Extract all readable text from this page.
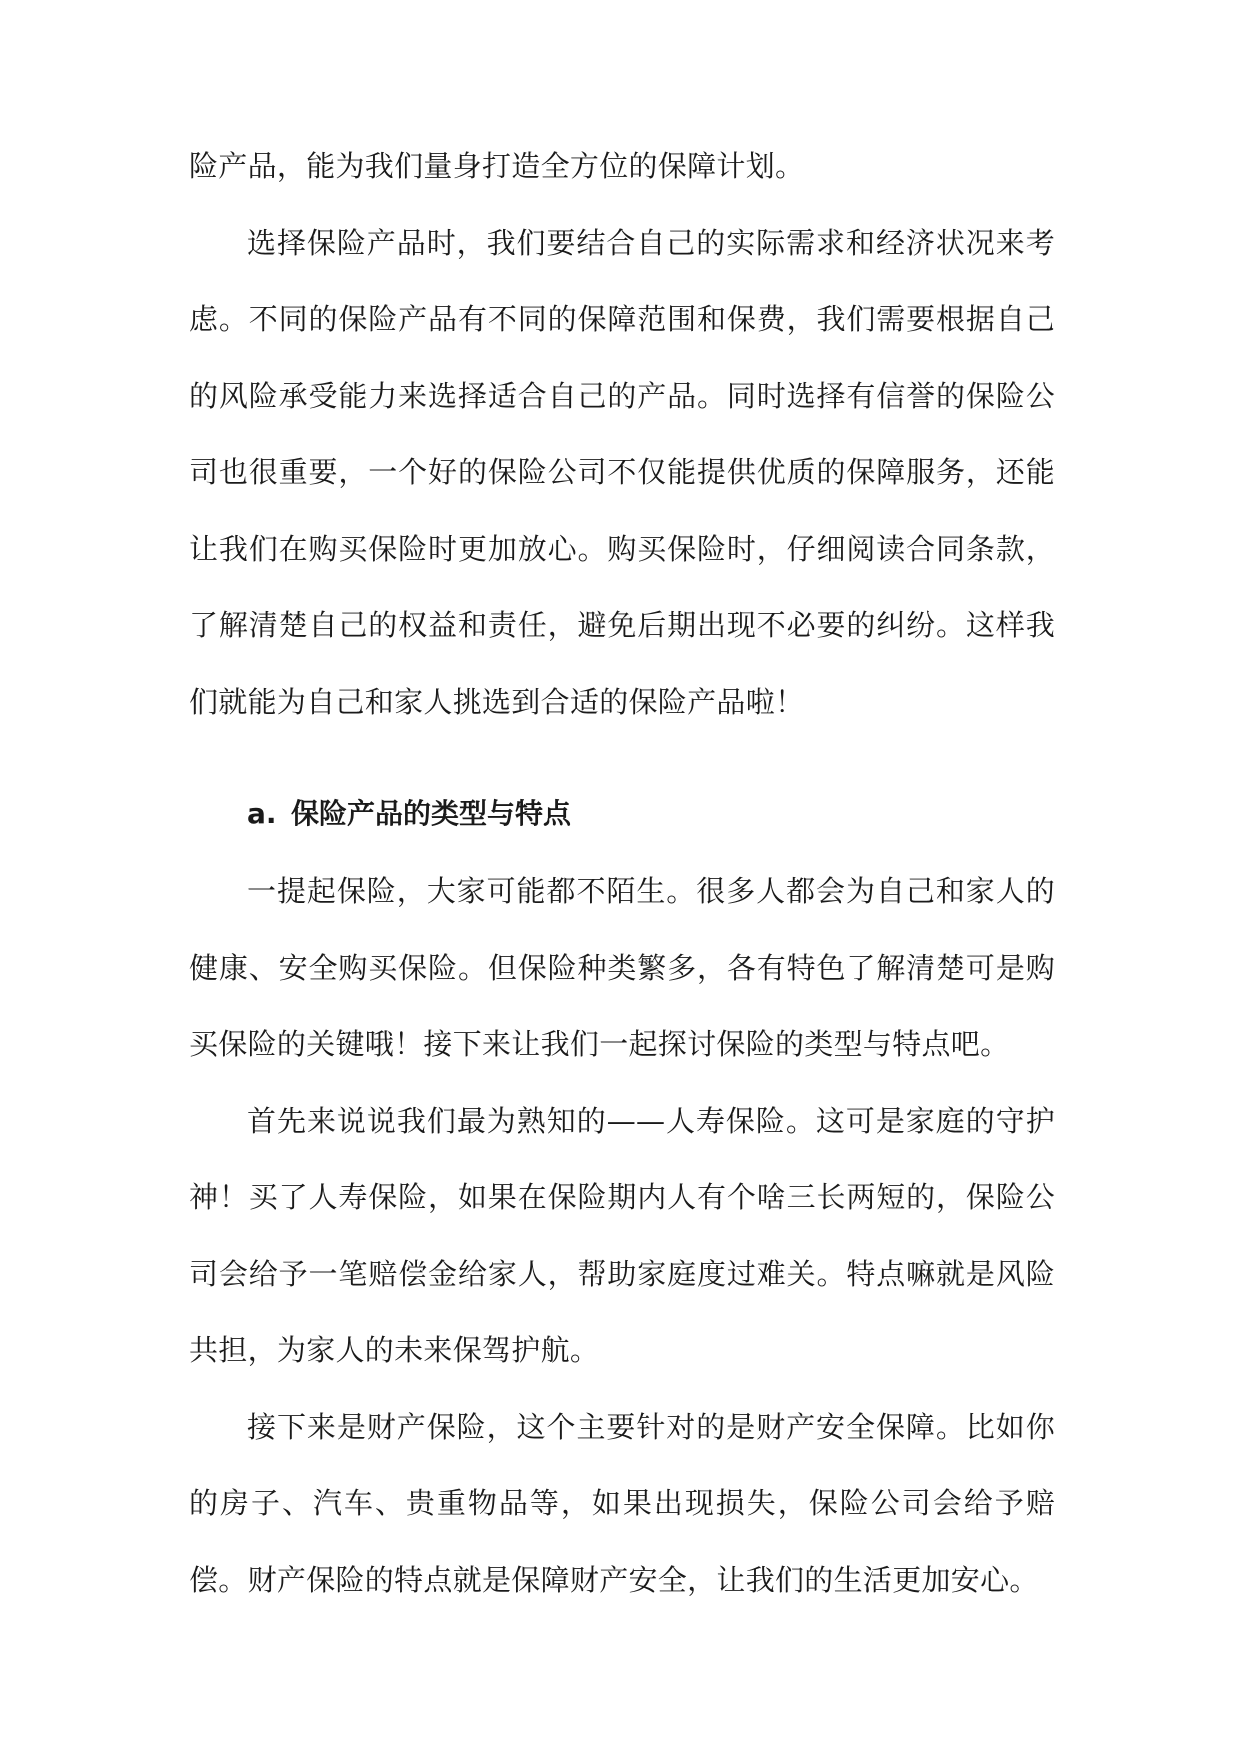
险产品，能为我们量身打造全方位的保障计划。

选择保险产品时，我们要结合自己的实际需求和经济状况来考虑。不同的保险产品有不同的保障范围和保费，我们需要根据自己的风险承受能力来选择适合自己的产品。同时选择有信誉的保险公司也很重要，一个好的保险公司不仅能提供优质的保障服务，还能让我们在购买保险时更加放心。购买保险时，仔细阅读合同条款，了解清楚自己的权益和责任，避免后期出现不必要的纠纷。这样我们就能为自己和家人挑选到合适的保险产品啦！

a. 保险产品的类型与特点

一提起保险，大家可能都不陌生。很多人都会为自己和家人的健康、安全购买保险。但保险种类繁多，各有特色了解清楚可是购买保险的关键哦！接下来让我们一起探讨保险的类型与特点吧。

首先来说说我们最为熟知的——人寿保险。这可是家庭的守护神！买了人寿保险，如果在保险期内人有个啥三长两短的，保险公司会给予一笔赔偿金给家人，帮助家庭度过难关。特点嘛就是风险共担，为家人的未来保驾护航。

接下来是财产保险，这个主要针对的是财产安全保障。比如你的房子、汽车、贵重物品等，如果出现损失，保险公司会给予赔偿。财产保险的特点就是保障财产安全，让我们的生活更加安心。
